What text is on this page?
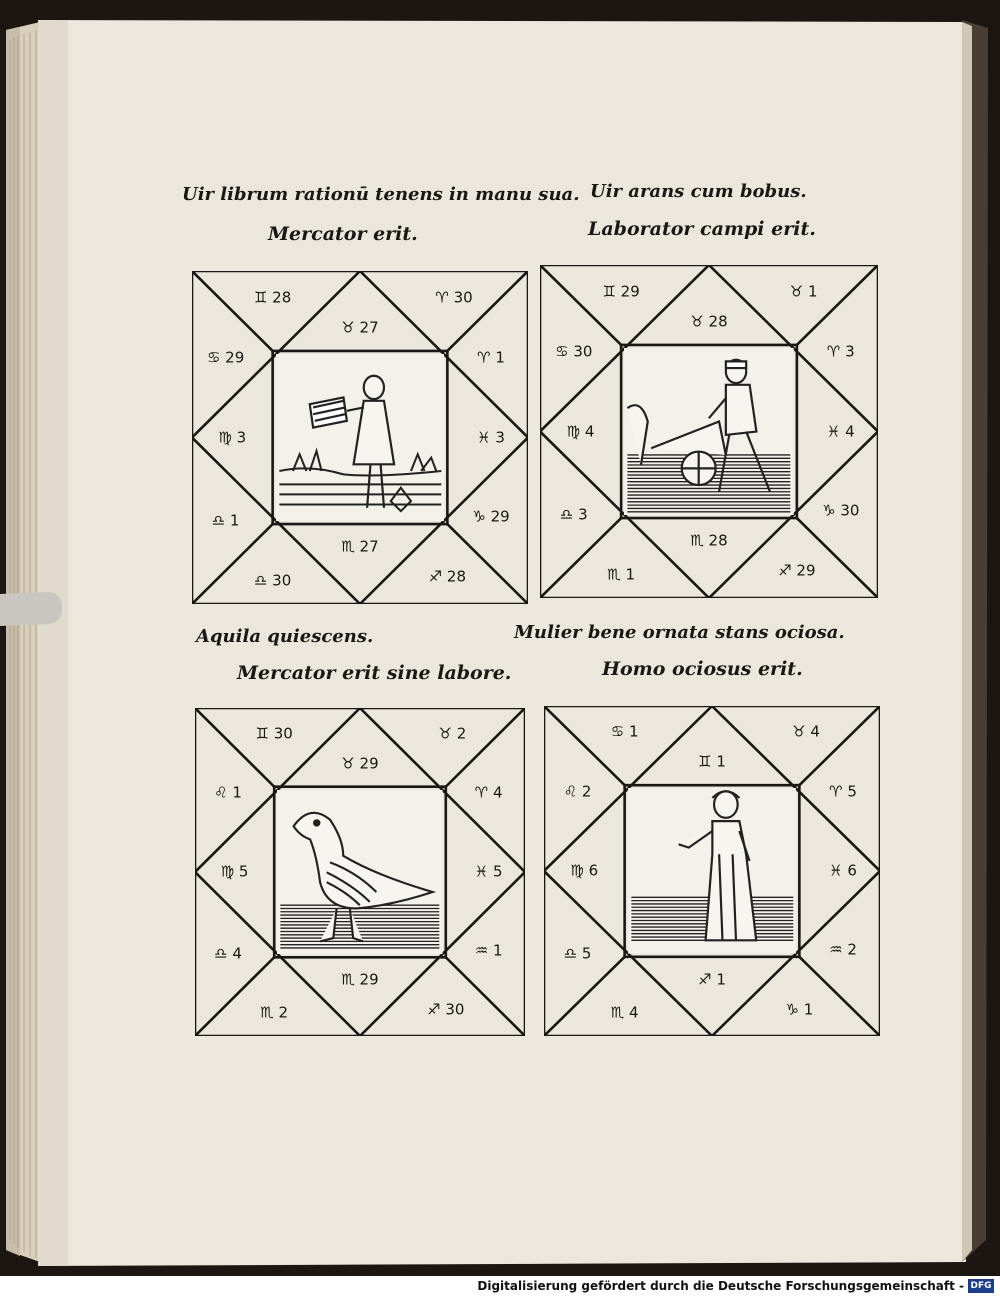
Uir librum rationū tenens in manu sua. Uir arans cum bobus.
Aquila quiescens.	Mulier bene ornata stans ociosa.
Mercator erit.	Laborator campi erit.
Mercator erit sine labore.	Homo ociosus erit.
♊ 28
♉ 27
♈ 30
♋ 29	♈ 1
♍ 3	♓ 3
♎ 1	♑ 29
♏ 27
♎ 30	♐ 28
♊ 29
♉ 28
♉ 1
♋ 30	♈ 3
♍ 4	♓ 4
♎ 3	♑ 30
♏ 28
♏ 1	♐ 29
♊ 30
♉ 29
♉ 2
♌ 1	♈ 4
♍ 5	♓ 5
♎ 4	♒ 1
♏ 29
♏ 2	♐ 30
♋ 1
♊ 1
♉ 4
♌ 2	♈ 5
♍ 6	♓ 6
♎ 5	♒ 2
♐ 1
♏ 4	♑ 1
Digitalisierung gefördert durch die Deutsche Forschungsgemeinschaft - DFG
